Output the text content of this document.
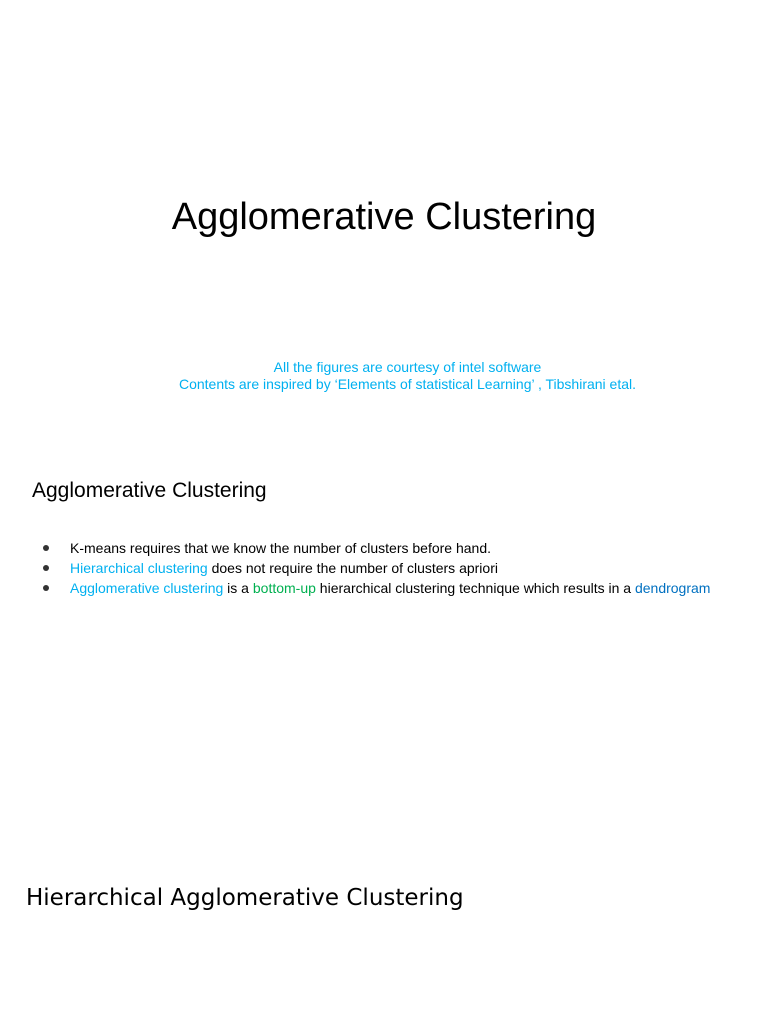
Agglomerative Clustering
All the figures are courtesy of intel software
Contents are inspired by ‘Elements of statistical Learning’ , Tibshirani etal.
Agglomerative Clustering
K-means requires that we know the number of clusters before hand.
Hierarchical clustering does not require the number of clusters apriori
Agglomerative clustering is a bottom-up hierarchical clustering technique which results in a dendrogram
Hierarchical Agglomerative Clustering
